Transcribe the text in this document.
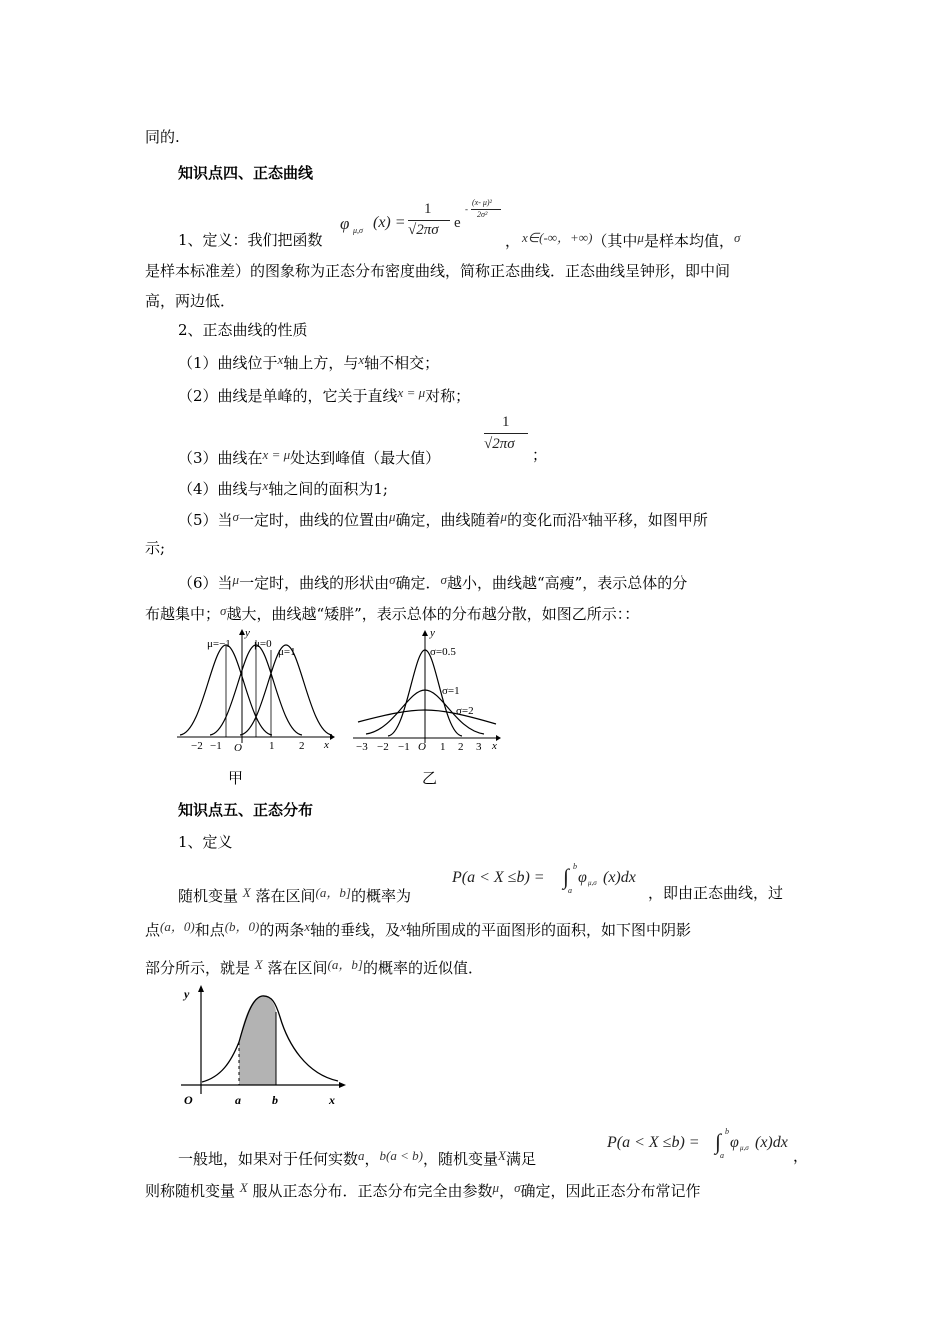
同的.
知识点四、正态曲线
φ μ,σ (x) =
1
√2πσ e
-
(x- μ)²
2σ²
1、定义：我们把函数	， x∈(-∞，+∞)（其中μ是样本均值，σ
是样本标准差）的图象称为正态分布密度曲线，简称正态曲线．正态曲线呈钟形，即中间
高，两边低．
2、正态曲线的性质
（1）曲线位于x轴上方，与x轴不相交；
（2）曲线是单峰的，它关于直线x = μ对称；
（3）曲线在x = μ处达到峰值（最大值）
1
√2πσ
；
（4）曲线与x轴之间的面积为1;
（5）当σ一定时，曲线的位置由μ确定，曲线随着μ的变化而沿x轴平移，如图甲所
示;
（6）当μ一定时，曲线的形状由σ确定．σ越小，曲线越“高瘦”，表示总体的分
布越集中；σ越大，曲线越“矮胖”，表示总体的分布越分散，如图乙所示：：
μ=−1 μ=0
μ=1
y
x
−2 −1 O 1 2
甲
y
σ=0.5
σ=1
σ=2
x
−3 −2 −1 O 1 2 3
乙
知识点五、正态分布
1、定义
随机变量 X 落在区间(a，b]的概率为
P(a < X ≤b) = ∫ b
a
φ μ,σ (x)dx
，即由正态曲线，过
点(a，0)和点(b，0)的两条x轴的垂线，及x轴所围成的平面图形的面积，如下图中阴影
部分所示，就是 X 落在区间(a，b]的概率的近似值．
y
O	a	b	x
一般地，如果对于任何实数a，b(a < b)，随机变量X满足
P(a < X ≤b) = ∫ b
a
φ μ,σ (x)dx
，
则称随机变量 X 服从正态分布．正态分布完全由参数μ，σ确定，因此正态分布常记作
